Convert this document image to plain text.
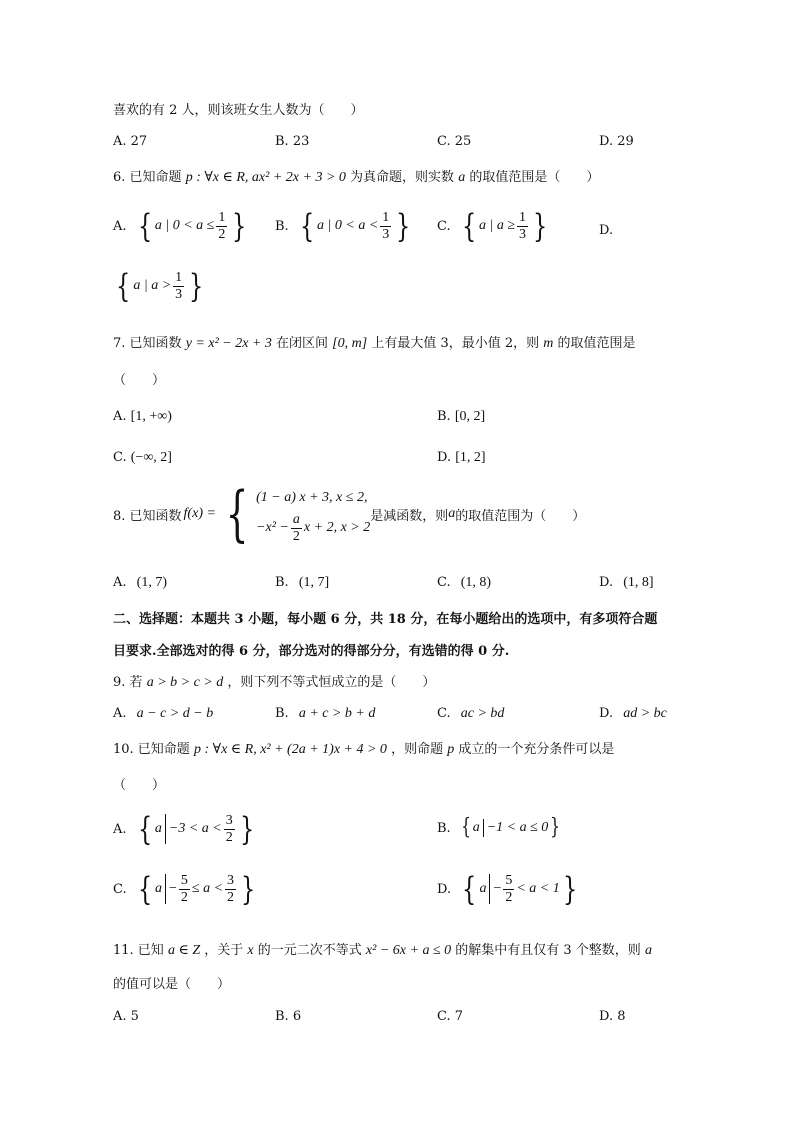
喜欢的有 2 人，则该班女生人数为（　　）
A. 27	B. 23	C. 25	D. 29
6. 已知命题 p : ∀x ∈ R, ax² + 2x + 3 > 0 为真命题，则实数 a 的取值范围是（　　）
A. { a | $0 < a \le \frac{1}{2}$ } B. { a | $0 < a < \frac{1}{3}$ } C. { a | $a \ge \frac{1}{3}$ }	D.
{ a | $a > \frac{1}{3}$ }
7. 已知函数 y = x² − 2x + 3 在闭区间 [0, m] 上有最大值 3，最小值 2，则 m 的取值范围是
（　　）
A. [1, +∞)	B. [0, 2]
C. (−∞, 2]	D. [1, 2]
8. 已知函数 f(x) = { (1 − a) x + 3, x ≤ 2,
$-x^2 - \frac{a}{2}$ x + 2, x > 2
是减函数，则 a 的取值范围为（　　）
A. (1, 7)	B. (1, 7]	C. (1, 8)	D. (1, 8]
二、选择题：本题共 3 小题，每小题 6 分，共 18 分，在每小题给出的选项中，有多项符合题
目要求.全部选对的得 6 分，部分选对的得部分分，有选错的得 0 分.
9. 若 a > b > c > d ，则下列不等式恒成立的是（　　）
A. a − c > d − b	B. a + c > b + d	C. ac > bd	D. ad > bc
10. 已知命题 p : ∀x ∈ R, x² + (2a + 1)x + 4 > 0 ，则命题 p 成立的一个充分条件可以是
（　　）
A. { $a -3 < a < \frac{3}{2}$ }	B. { a −1 < a ≤ 0 }
C. { $a - \frac{5}{2} \le a < \frac{3}{2}$ }	D. { $a - \frac{5}{2} < a < 1$ }
11. 已知 a ∈ Z ，关于 x 的一元二次不等式 x² − 6x + a ≤ 0 的解集中有且仅有 3 个整数，则 a
的值可以是（　　）
A. 5	B. 6	C. 7	D. 8
